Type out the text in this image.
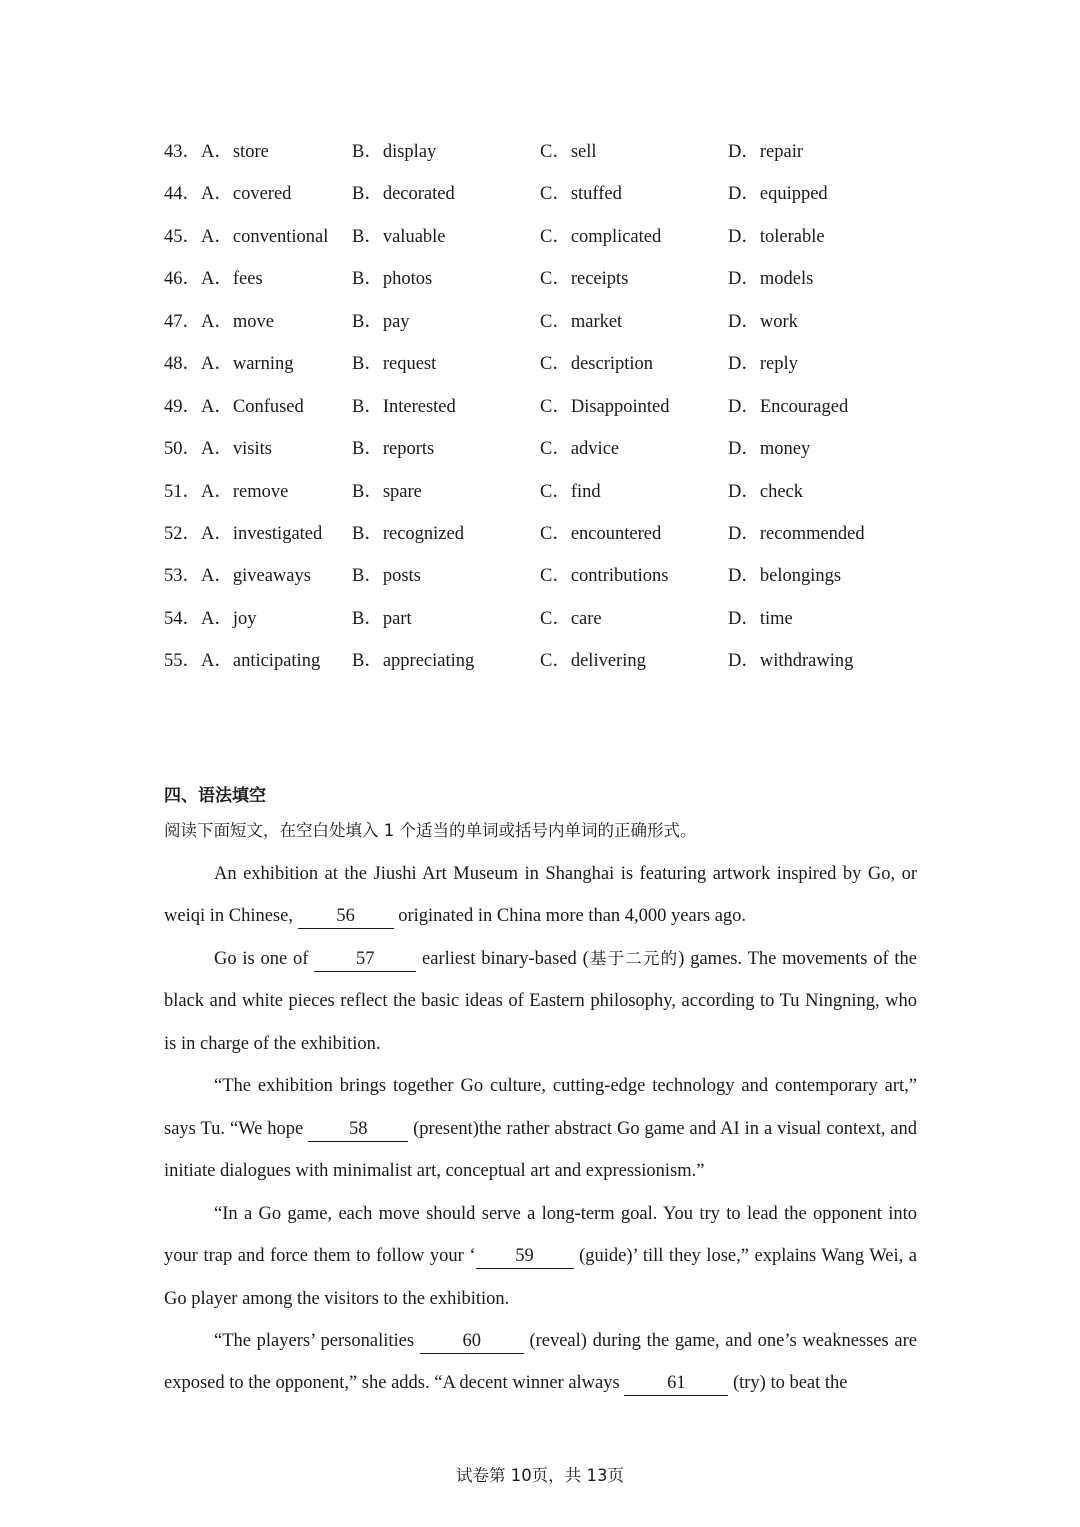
43． A．store	B．display	C．sell	D．repair
44． A．covered	B．decorated	C．stuffed	D．equipped
45． A．conventional B．valuable	C．complicated	D．tolerable
46． A．fees	B．photos	C．receipts	D．models
47． A．move	B．pay	C．market	D．work
48． A．warning	B．request	C．description	D．reply
49． A．Confused	B．Interested	C．Disappointed	D．Encouraged
50． A．visits	B．reports	C．advice	D．money
51． A．remove	B．spare	C．find	D．check
52． A．investigated B．recognized	C．encountered	D．recommended
53． A．giveaways B．posts	C．contributions	D．belongings
54． A．joy	B．part	C．care	D．time
55． A．anticipating B．appreciating	C．delivering	D．withdrawing
四、语法填空
阅读下面短文，在空白处填入 1 个适当的单词或括号内单词的正确形式。

An exhibition at the Jiushi Art Museum in Shanghai is featuring artwork inspired by Go, or weiqi in Chinese, 56 originated in China more than 4,000 years ago.

Go is one of 57 earliest binary-based (基于二元的) games. The movements of the black and white pieces reflect the basic ideas of Eastern philosophy, according to Tu Ningning, who is in charge of the exhibition.

“The exhibition brings together Go culture, cutting-edge technology and contemporary art,” says Tu. “We hope 58 (present)the rather abstract Go game and AI in a visual context, and initiate dialogues with minimalist art, conceptual art and expressionism.”

“In a Go game, each move should serve a long-term goal. You try to lead the opponent into your trap and force them to follow your ‘ 59 (guide)’ till they lose,” explains Wang Wei, a Go player among the visitors to the exhibition.

“The players’ personalities 60 (reveal) during the game, and one’s weaknesses are exposed to the opponent,” she adds. “A decent winner always 61 (try) to beat the

试卷第 10页，共 13页
